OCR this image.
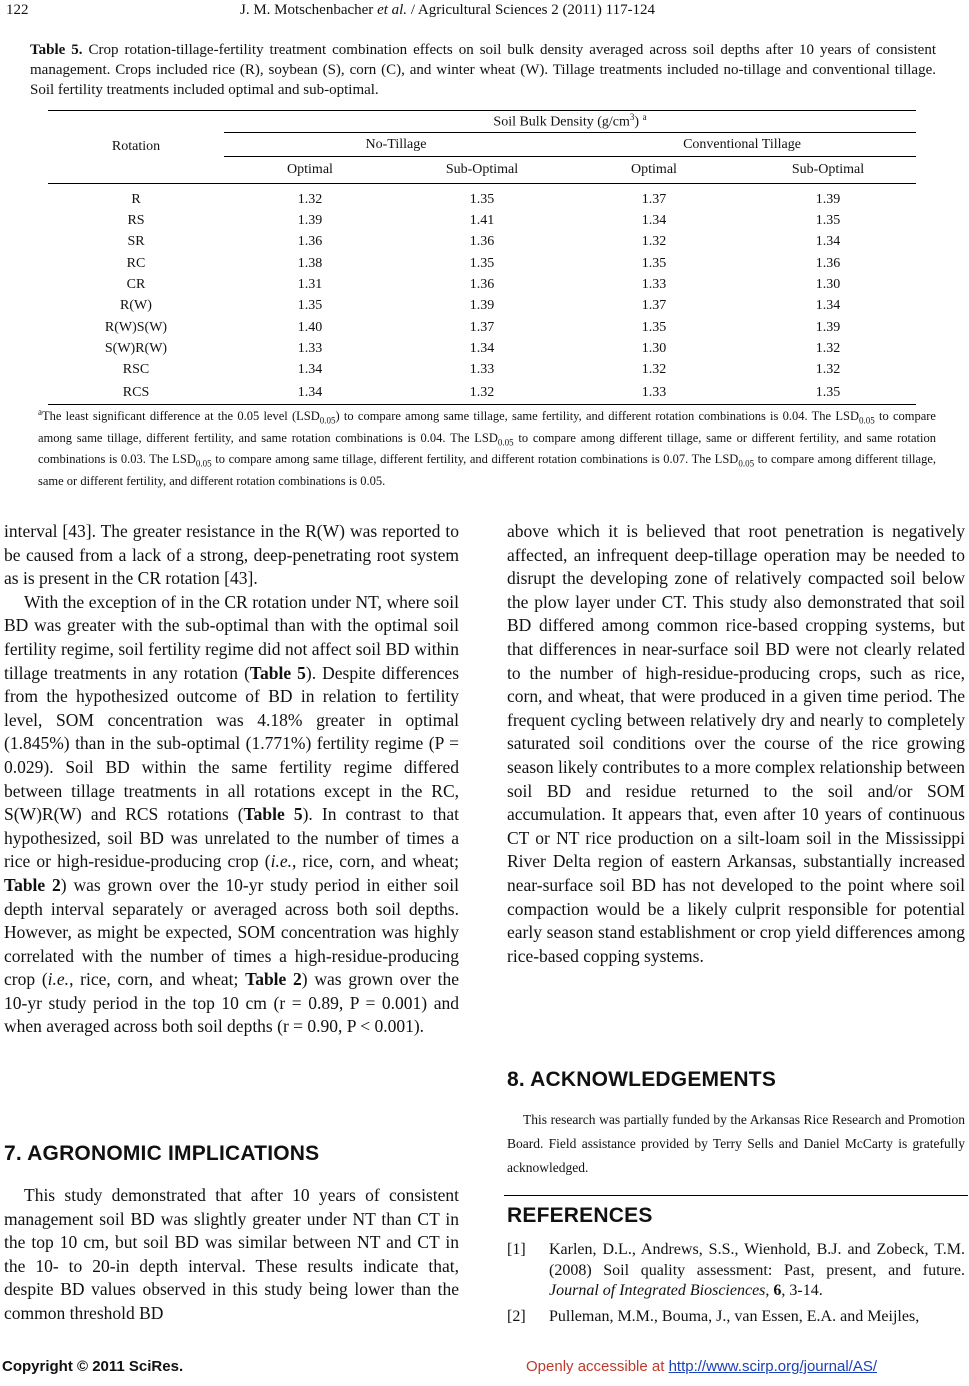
122	J. M. Motschenbacher et al. / Agricultural Sciences 2 (2011) 117-124
Table 5. Crop rotation-tillage-fertility treatment combination effects on soil bulk density averaged across soil depths after 10 years of consistent management. Crops included rice (R), soybean (S), corn (C), and winter wheat (W). Tillage treatments included no-tillage and conventional tillage. Soil fertility treatments included optimal and sub-optimal.
Rotation	Soil Bulk Density $(g/cm^3)$ $^a$
	No-Tillage		Conventional Tillage	
	Optimal	Sub-Optimal	Optimal	Sub-Optimal
R	1.32	1.35	1.37	1.39
RS	1.39	1.41	1.34	1.35
SR	1.36	1.36	1.32	1.34
RC	1.38	1.35	1.35	1.36
CR	1.31	1.36	1.33	1.30
R(W)	1.35	1.39	1.37	1.34
R(W)S(W)	1.40	1.37	1.35	1.39
S(W)R(W)	1.33	1.34	1.30	1.32
RSC	1.34	1.33	1.32	1.32
RCS	1.34	1.32	1.33	1.35
$^a$The least significant difference at the 0.05 level $(LSD_{0.05})$ to compare among same tillage, same fertility, and different rotation combinations is 0.04. The $LSD_{0.05}$ to compare among same tillage, different fertility, and same rotation combinations is 0.04. The $LSD_{0.05}$ to compare among different tillage, same or different fertility, and same rotation combinations is 0.03. The $LSD_{0.05}$ to compare among same tillage, different fertility, and different rotation combinations is 0.07. The $LSD_{0.05}$ to compare among different tillage, same or different fertility, and different rotation combinations is 0.05.

interval [43]. The greater resistance in the R(W) was reported to be caused from a lack of a strong, deep-penetrating root system as is present in the CR rotation [43].

With the exception of in the CR rotation under NT, where soil BD was greater with the sub-optimal than with the optimal soil fertility regime, soil fertility regime did not affect soil BD within tillage treatments in any rotation (Table 5). Despite differences from the hypothesized outcome of BD in relation to fertility level, SOM concentration was 4.18% greater in optimal (1.845%) than in the sub-optimal (1.771%) fertility regime (P = 0.029). Soil BD within the same fertility regime differed between tillage treatments in all rotations except in the RC, S(W)R(W) and RCS rotations (Table 5). In contrast to that hypothesized, soil BD was unrelated to the number of times a rice or high-residue-producing crop (i.e., rice, corn, and wheat; Table 2) was grown over the 10-yr study period in either soil depth interval separately or averaged across both soil depths. However, as might be expected, SOM concentration was highly correlated with the number of times a high-residue-producing crop (i.e., rice, corn, and wheat; Table 2) was grown over the 10-yr study period in the top 10 cm (r = 0.89, P = 0.001) and when averaged across both soil depths (r = 0.90, P < 0.001).

7. AGRONOMIC IMPLICATIONS

This study demonstrated that after 10 years of consistent management soil BD was slightly greater under NT than CT in the top 10 cm, but soil BD was similar between NT and CT in the 10- to 20-in depth interval. These results indicate that, despite BD values observed in this study being lower than the common threshold BD

above which it is believed that root penetration is negatively affected, an infrequent deep-tillage operation may be needed to disrupt the developing zone of relatively compacted soil below the plow layer under CT. This study also demonstrated that soil BD differed among common rice-based cropping systems, but that differences in near-surface soil BD were not clearly related to the number of high-residue-producing crops, such as rice, corn, and wheat, that were produced in a given time period. The frequent cycling between relatively dry and nearly to completely saturated soil conditions over the course of the rice growing season likely contributes to a more complex relationship between soil BD and residue returned to the soil and/or SOM accumulation. It appears that, even after 10 years of continuous CT or NT rice production on a silt-loam soil in the Mississippi River Delta region of eastern Arkansas, substantially increased near-surface soil BD has not developed to the point where soil compaction would be a likely culprit responsible for potential early season stand establishment or crop yield differences among rice-based copping systems.

8. ACKNOWLEDGEMENTS
This research was partially funded by the Arkansas Rice Research and Promotion Board. Field assistance provided by Terry Sells and Daniel McCarty is gratefully acknowledged.
REFERENCES
[1] Karlen, D.L., Andrews, S.S., Wienhold, B.J. and Zobeck, T.M. (2008) Soil quality assessment: Past, present, and future. Journal of Integrated Biosciences, 6, 3-14.
[2] Pulleman, M.M., Bouma, J., van Essen, E.A. and Meijles,
Copyright © 2011 SciRes.	Openly accessible at http://www.scirp.org/journal/AS/
